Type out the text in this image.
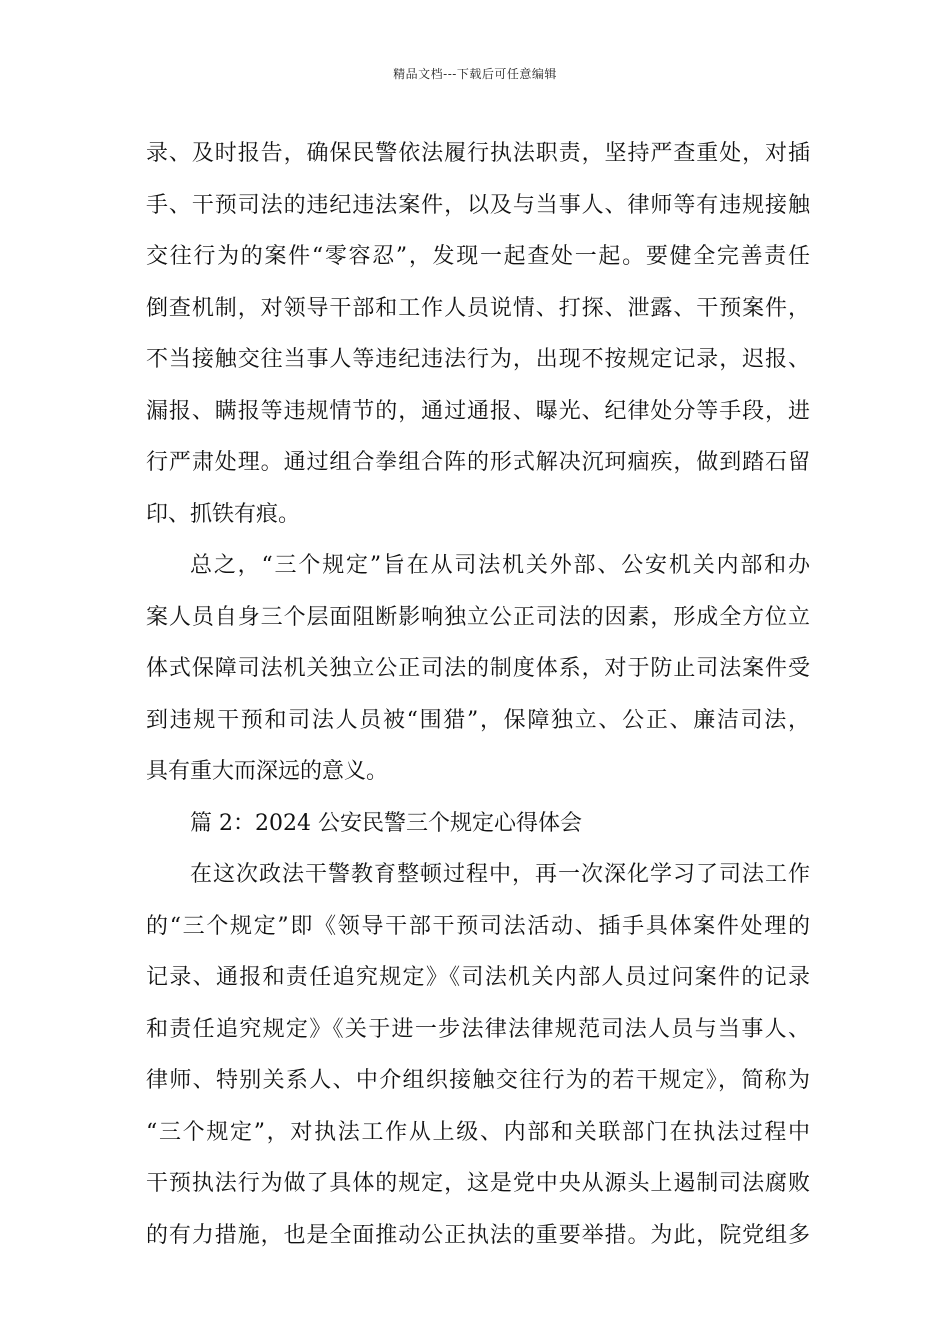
精品文档---下载后可任意编辑
录、及时报告，确保民警依法履行执法职责，坚持严查重处，对插
手、干预司法的违纪违法案件，以及与当事人、律师等有违规接触
交往行为的案件“零容忍”，发现一起查处一起。要健全完善责任
倒查机制，对领导干部和工作人员说情、打探、泄露、干预案件，
不当接触交往当事人等违纪违法行为，出现不按规定记录，迟报、
漏报、瞒报等违规情节的，通过通报、曝光、纪律处分等手段，进
行严肃处理。通过组合拳组合阵的形式解决沉珂痼疾，做到踏石留
印、抓铁有痕。
总之，“三个规定”旨在从司法机关外部、公安机关内部和办
案人员自身三个层面阻断影响独立公正司法的因素，形成全方位立
体式保障司法机关独立公正司法的制度体系，对于防止司法案件受
到违规干预和司法人员被“围猎”，保障独立、公正、廉洁司法，
具有重大而深远的意义。
篇 2：2024 公安民警三个规定心得体会
在这次政法干警教育整顿过程中，再一次深化学习了司法工作
的“三个规定”即《领导干部干预司法活动、插手具体案件处理的
记录、通报和责任追究规定》《司法机关内部人员过问案件的记录
和责任追究规定》《关于进一步法律法律规范司法人员与当事人、
律师、特别关系人、中介组织接触交往行为的若干规定》，简称为
“三个规定”，对执法工作从上级、内部和关联部门在执法过程中
干预执法行为做了具体的规定，这是党中央从源头上遏制司法腐败
的有力措施，也是全面推动公正执法的重要举措。为此，院党组多
